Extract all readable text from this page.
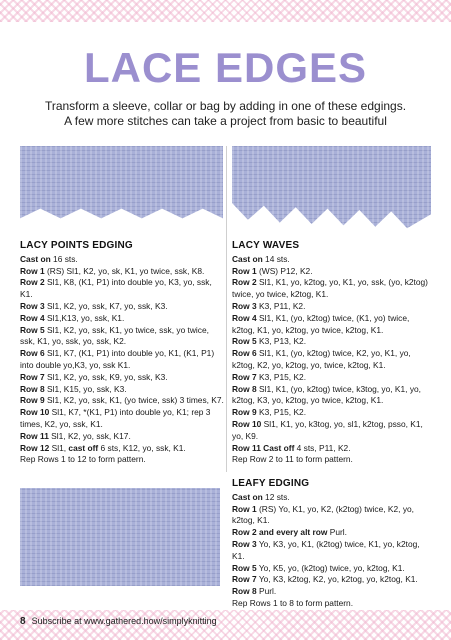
LACE EDGES
Transform a sleeve, collar or bag by adding in one of these edgings.
A few more stitches can take a project from basic to beautiful
LACY POINTS EDGING

Cast on 16 sts.

Row 1 (RS) Sl1, K2, yo, sk, K1, yo twice, ssk, K8.

Row 2 Sl1, K8, (K1, P1) into double yo, K3, yo, ssk, K1.

Row 3 Sl1, K2, yo, ssk, K7, yo, ssk, K3.

Row 4 Sl1,K13, yo, ssk, K1.

Row 5 Sl1, K2, yo, ssk, K1, yo twice, ssk, yo twice, ssk, K1, yo, ssk, yo, ssk, K2.

Row 6 Sl1, K7, (K1, P1) into double yo, K1, (K1, P1) into double yo,K3, yo, ssk K1.

Row 7 Sl1, K2, yo, ssk, K9, yo, ssk, K3.

Row 8 Sl1, K15, yo, ssk, K3.

Row 9 Sl1, K2, yo, ssk, K1, (yo twice, ssk) 3 times, K7.

Row 10 Sl1, K7, *(K1, P1) into double yo, K1; rep 3 times, K2, yo, ssk, K1.

Row 11 Sl1, K2, yo, ssk, K17.

Row 12 Sl1, cast off 6 sts, K12, yo, ssk, K1.

Rep Rows 1 to 12 to form pattern.

LACY WAVES

Cast on 14 sts.

Row 1 (WS) P12, K2.

Row 2 Sl1, K1, yo, k2tog, yo, K1, yo, ssk, (yo, k2tog) twice, yo twice, k2tog, K1.

Row 3 K3, P11, K2.

Row 4 Sl1, K1, (yo, k2tog) twice, (K1, yo) twice, k2tog, K1, yo, k2tog, yo twice, k2tog, K1.

Row 5 K3, P13, K2.

Row 6 Sl1, K1, (yo, k2tog) twice, K2, yo, K1, yo, k2tog, K2, yo, k2tog, yo, twice, k2tog, K1.

Row 7 K3, P15, K2.

Row 8 Sl1, K1, (yo, k2tog) twice, k3tog, yo, K1, yo, k2tog, K3, yo, k2tog, yo twice, k2tog, K1.

Row 9 K3, P15, K2.

Row 10 Sl1, K1, yo, k3tog, yo, sl1, k2tog, psso, K1, yo, K9.

Row 11 Cast off 4 sts, P11, K2.

Rep Row 2 to 11 to form pattern.

LEAFY EDGING

Cast on 12 sts.

Row 1 (RS) Yo, K1, yo, K2, (k2tog) twice, K2, yo, k2tog, K1.

Row 2 and every alt row Purl.

Row 3 Yo, K3, yo, K1, (k2tog) twice, K1, yo, k2tog, K1.

Row 5 Yo, K5, yo, (k2tog) twice, yo, k2tog, K1.

Row 7 Yo, K3, k2tog, K2, yo, k2tog, yo, k2tog, K1.

Row 8 Purl.

Rep Rows 1 to 8 to form pattern.

8 Subscribe at www.gathered.how/simplyknitting
